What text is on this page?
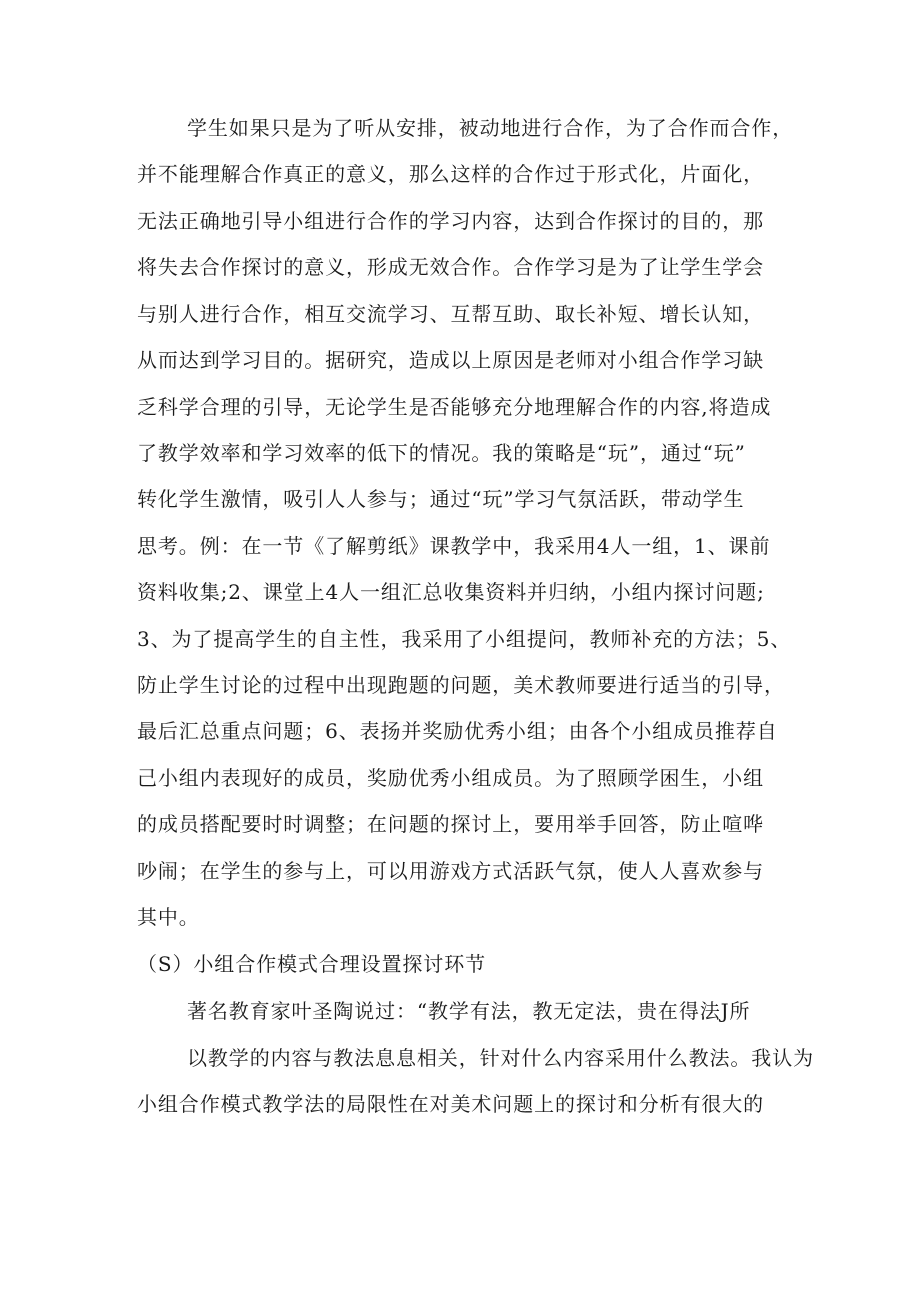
学生如果只是为了听从安排，被动地进行合作，为了合作而合作，
并不能理解合作真正的意义，那么这样的合作过于形式化，片面化，
无法正确地引导小组进行合作的学习内容，达到合作探讨的目的，那
将失去合作探讨的意义，形成无效合作。合作学习是为了让学生学会
与别人进行合作，相互交流学习、互帮互助、取长补短、增长认知，
从而达到学习目的。据研究，造成以上原因是老师对小组合作学习缺
乏科学合理的引导，无论学生是否能够充分地理解合作的内容,将造成
了教学效率和学习效率的低下的情况。我的策略是“玩”，通过“玩”
转化学生激情，吸引人人参与；通过“玩”学习气氛活跃，带动学生
思考。例：在一节《了解剪纸》课教学中，我采用4人一组，1、课前
资料收集;2、课堂上4人一组汇总收集资料并归纳，小组内探讨问题;
3、为了提高学生的自主性，我采用了小组提问，教师补充的方法；5、
防止学生讨论的过程中出现跑题的问题，美术教师要进行适当的引导，
最后汇总重点问题；6、表扬并奖励优秀小组；由各个小组成员推荐自
己小组内表现好的成员，奖励优秀小组成员。为了照顾学困生，小组
的成员搭配要时时调整；在问题的探讨上，要用举手回答，防止喧哗
吵闹；在学生的参与上，可以用游戏方式活跃气氛，使人人喜欢参与
其中。
（S）小组合作模式合理设置探讨环节
著名教育家叶圣陶说过：“教学有法，教无定法，贵在得法J所
以教学的内容与教法息息相关，针对什么内容采用什么教法。我认为
小组合作模式教学法的局限性在对美术问题上的探讨和分析有很大的
